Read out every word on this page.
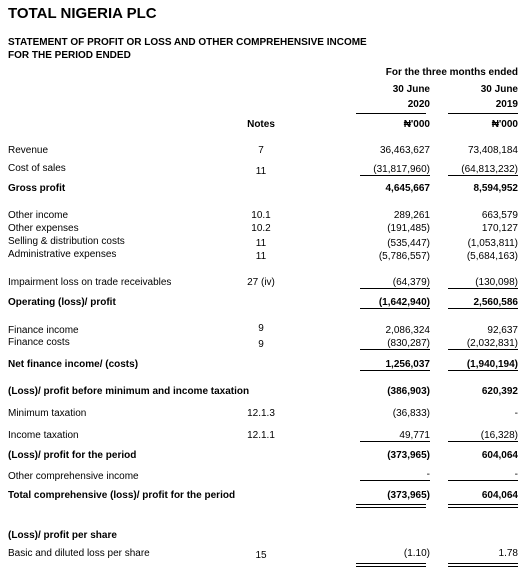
TOTAL NIGERIA PLC
STATEMENT OF PROFIT OR LOSS AND OTHER COMPREHENSIVE INCOME
FOR THE PERIOD ENDED
For the three months ended
30 June	30 June
2020	2019
Notes	₦'000	₦'000
Revenue	7	36,463,627	73,408,184
Cost of sales	11	(31,817,960)	(64,813,232)
Gross profit	4,645,667	8,594,952
Other income	10.1	289,261	663,579
Other expenses	10.2	(191,485)	170,127
Selling & distribution costs	11	(535,447)	(1,053,811)
Administrative expenses	11	(5,786,557)	(5,684,163)
Impairment loss on trade receivables	27 (iv)	(64,379)	(130,098)
Operating (loss)/ profit	(1,642,940)	2,560,586
Finance income	9	2,086,324	92,637
Finance costs	9	(830,287)	(2,032,831)
Net finance income/ (costs)	1,256,037	(1,940,194)
(Loss)/ profit before minimum and income taxation	(386,903)	620,392
Minimum taxation	12.1.3	(36,833)	-
Income taxation	12.1.1	49,771	(16,328)
(Loss)/ profit for the period	(373,965)	604,064
Other comprehensive income	-	-
Total comprehensive (loss)/ profit for the period	(373,965)	604,064
(Loss)/ profit per share
Basic and diluted loss per share	15	(1.10)	1.78
